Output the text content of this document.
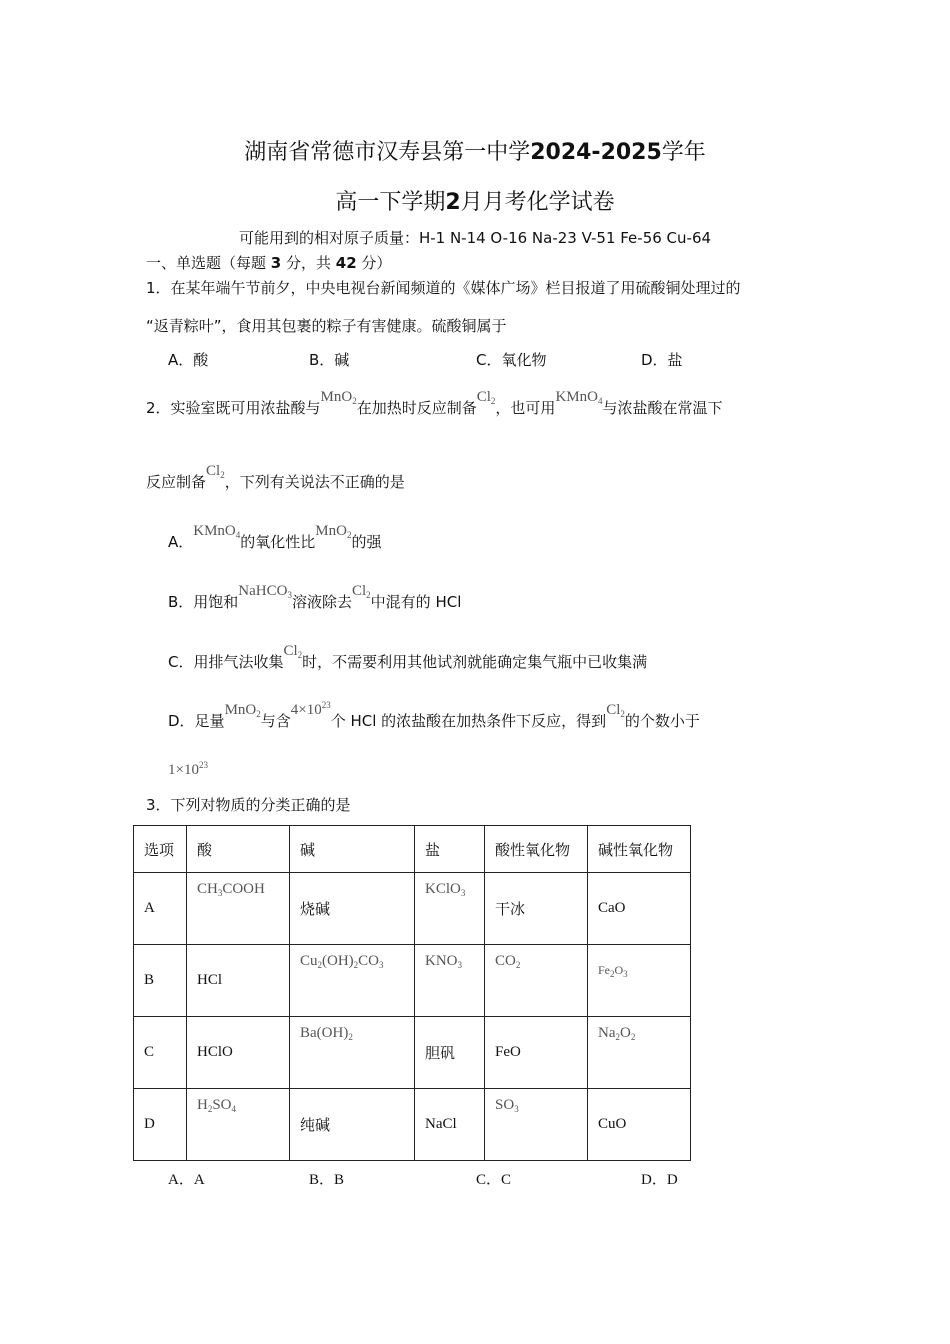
湖南省常德市汉寿县第一中学2024-2025学年
高一下学期2月月考化学试卷
可能用到的相对原子质量：H-1 N-14 O-16 Na-23 V-51 Fe-56 Cu-64
一、单选题（每题 3 分，共 42 分）
1．在某年端午节前夕，中央电视台新闻频道的《媒体广场》栏目报道了用硫酸铜处理过的
“返青粽叶”，食用其包裹的粽子有害健康。硫酸铜属于
A．酸	B．碱	C．氧化物	D．盐
2．实验室既可用浓盐酸与MnO$_2$在加热时反应制备$Cl_2$，也可用KMnO$_4$与浓盐酸在常温下
反应制备$Cl_2$，下列有关说法不正确的是
A．KMnO$_4$的氧化性比MnO$_2$的强
B．用饱和NaHCO$_3$溶液除去$Cl_2$中混有的 HCl
C．用排气法收集$Cl_2$时，不需要利用其他试剂就能确定集气瓶中已收集满
D．足量MnO$_2$与含$4\times 10^{23}$个 HCl 的浓盐酸在加热条件下反应，得到$Cl_2$的个数小于
$1\times 10^{23}$
3．下列对物质的分类正确的是
选项	酸	碱	盐	酸性氧化物	碱性氧化物
A	$CH_3COOH$	烧碱	KClO$_3$	干冰	CaO
B	HCl	$Cu_2(OH)_2CO_3$	$KNO_3$	$CO_2$	$Fe_2O_3$

C	HClO	$Ba(OH)_2$	胆矾	FeO	$Na_2O_2$

D	$H_2SO_4$	纯碱	NaCl	$SO_3$	CuO
A．A	B．B	C．C	D．D
